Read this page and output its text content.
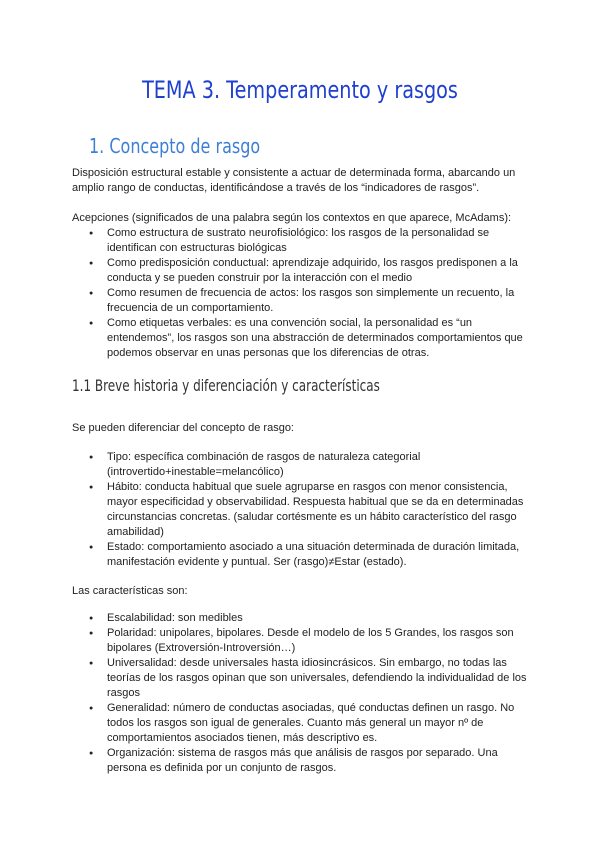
TEMA 3. Temperamento y rasgos
1. Concepto de rasgo

Disposición estructural estable y consistente a actuar de determinada forma, abarcando un amplio rango de conductas, identificándose a través de los “indicadores de rasgos”.

Acepciones (significados de una palabra según los contextos en que aparece, McAdams):

● Como estructura de sustrato neurofisiológico: los rasgos de la personalidad se identifican con estructuras biológicas
● Como predisposición conductual: aprendizaje adquirido, los rasgos predisponen a la conducta y se pueden construir por la interacción con el medio
● Como resumen de frecuencia de actos: los rasgos son simplemente un recuento, la frecuencia de un comportamiento.
● Como etiquetas verbales: es una convención social, la personalidad es “un entendemos”, los rasgos son una abstracción de determinados comportamientos que podemos observar en unas personas que los diferencias de otras.
1.1 Breve historia y diferenciación y características

Se pueden diferenciar del concepto de rasgo:

● Tipo: específica combinación de rasgos de naturaleza categorial (introvertido+inestable=melancólico)
● Hábito: conducta habitual que suele agruparse en rasgos con menor consistencia, mayor especificidad y observabilidad. Respuesta habitual que se da en determinadas circunstancias concretas. (saludar cortésmente es un hábito característico del rasgo amabilidad)
● Estado: comportamiento asociado a una situación determinada de duración limitada, manifestación evidente y puntual. Ser (rasgo)≠Estar (estado).

Las características son:

● Escalabilidad: son medibles
● Polaridad: unipolares, bipolares. Desde el modelo de los 5 Grandes, los rasgos son bipolares (Extroversión-Introversión…)
● Universalidad: desde universales hasta idiosincrásicos. Sin embargo, no todas las teorías de los rasgos opinan que son universales, defendiendo la individualidad de los rasgos
● Generalidad: número de conductas asociadas, qué conductas definen un rasgo. No todos los rasgos son igual de generales. Cuanto más general un mayor nº de comportamientos asociados tienen, más descriptivo es.
● Organización: sistema de rasgos más que análisis de rasgos por separado. Una persona es definida por un conjunto de rasgos.
